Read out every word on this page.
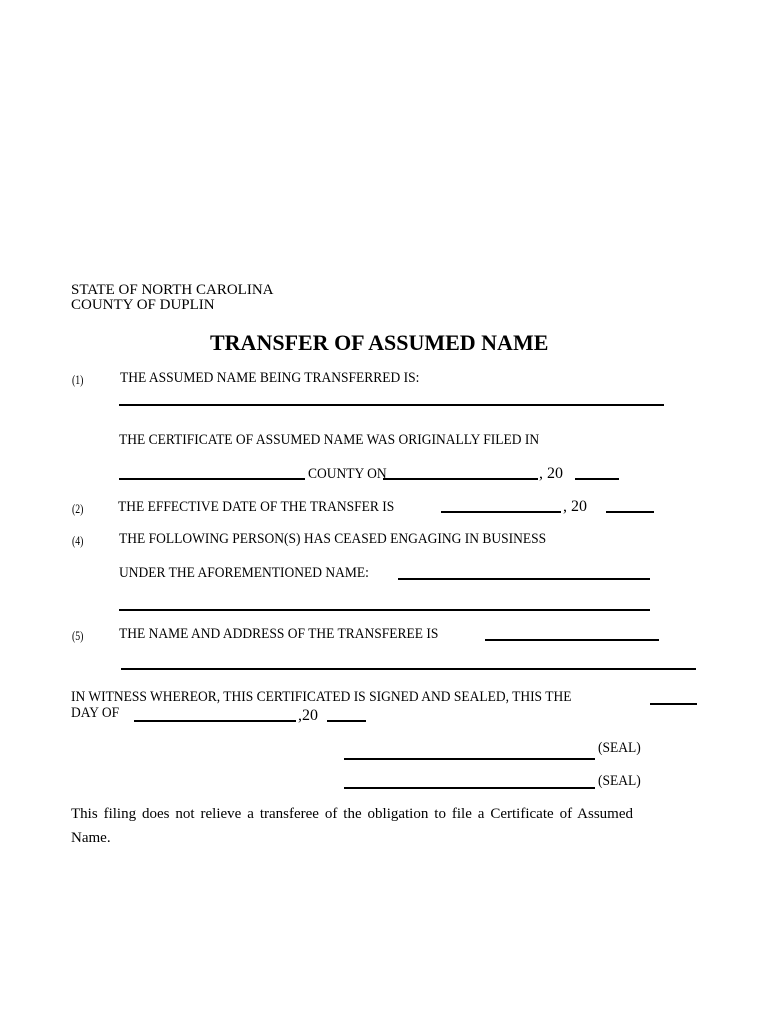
STATE OF NORTH CAROLINA
COUNTY OF DUPLIN
TRANSFER OF ASSUMED NAME
(1) THE ASSUMED NAME BEING TRANSFERRED IS:
THE CERTIFICATE OF ASSUMED NAME WAS ORIGINALLY FILED IN
COUNTY ON	, 20
(2) THE EFFECTIVE DATE OF THE TRANSFER IS	, 20
(4) THE FOLLOWING PERSON(S) HAS CEASED ENGAGING IN BUSINESS
UNDER THE AFOREMENTIONED NAME:
(5) THE NAME AND ADDRESS OF THE TRANSFEREE IS
IN WITNESS WHEREOR, THIS CERTIFICATED IS SIGNED AND SEALED, THIS THE
DAY OF	,20
(SEAL)
(SEAL)
This filing does not relieve a transferee of the obligation to file a Certificate of Assumed Name.
